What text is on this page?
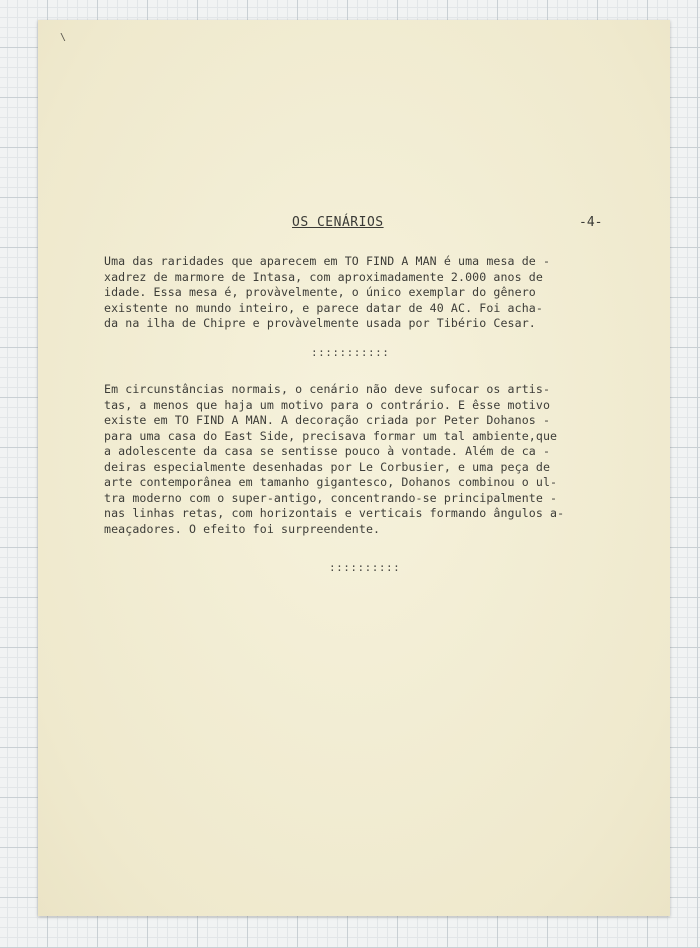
\
OS CENÁRIOS	-4-

Uma das raridades que aparecem em TO FIND A MAN é uma mesa de -
xadrez de marmore de Intasa, com aproximadamente 2.000 anos de
idade. Essa mesa é, provàvelmente, o único exemplar do gênero
existente no mundo inteiro, e parece datar de 40 AC. Foi acha-
da na ilha de Chipre e provàvelmente usada por Tibério Cesar.

:::::::::::

Em circunstâncias normais, o cenário não deve sufocar os artis-
tas, a menos que haja um motivo para o contrário. E êsse motivo
existe em TO FIND A MAN. A decoração criada por Peter Dohanos -
para uma casa do East Side, precisava formar um tal ambiente,que
a adolescente da casa se sentisse pouco à vontade. Além de ca -
deiras especialmente desenhadas por Le Corbusier, e uma peça de
arte contemporânea em tamanho gigantesco, Dohanos combinou o ul-
tra moderno com o super-antigo, concentrando-se principalmente -
nas linhas retas, com horizontais e verticais formando ângulos a-
meaçadores. O efeito foi surpreendente.

::::::::::
